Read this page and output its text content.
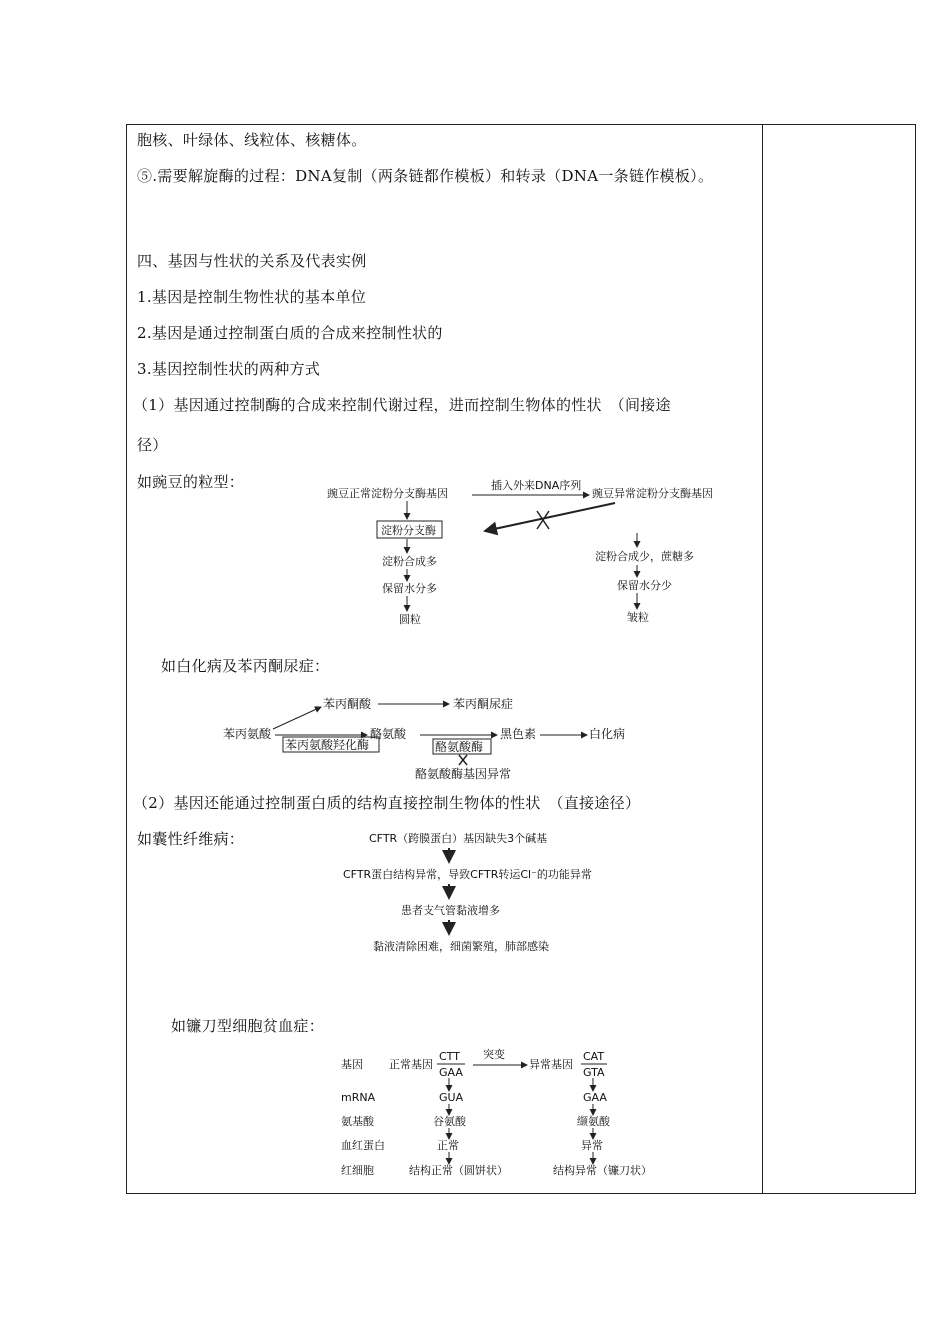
胞核、叶绿体、线粒体、核糖体。
⑤.需要解旋酶的过程：DNA复制（两条链都作模板）和转录（DNA一条链作模板）。
四、基因与性状的关系及代表实例
1.基因是控制生物性状的基本单位
2.基因是通过控制蛋白质的合成来控制性状的
3.基因控制性状的两种方式
（1）基因通过控制酶的合成来控制代谢过程，进而控制生物体的性状　（间接途
径）
如豌豆的粒型：
如白化病及苯丙酮尿症：
（2）基因还能通过控制蛋白质的结构直接控制生物体的性状　（直接途径）
如囊性纤维病：
如镰刀型细胞贫血症：
豌豆正常淀粉分支酶基因
插入外来DNA序列
豌豆异常淀粉分支酶基因
淀粉分支酶
淀粉合成多
保留水分多
圆粒
淀粉合成少，蔗糖多
保留水分少
皱粒
苯丙酮酸	苯丙酮尿症
苯丙氨酸
苯丙氨酸羟化酶
酪氨酸
酪氨酸酶
黑色素	白化病
酪氨酸酶基因异常
CFTR（跨膜蛋白）基因缺失3个碱基
CFTR蛋白结构异常，导致CFTR转运Cl⁻的功能异常
患者支气管黏液增多
黏液清除困难，细菌繁殖，肺部感染
基因
mRNA
氨基酸
血红蛋白
红细胞
正常基因
CTT
GAA
突变
异常基因
CAT
GTA
GUA
谷氨酸
正常
结构正常（圆饼状）
GAA
缬氨酸
异常
结构异常（镰刀状）
